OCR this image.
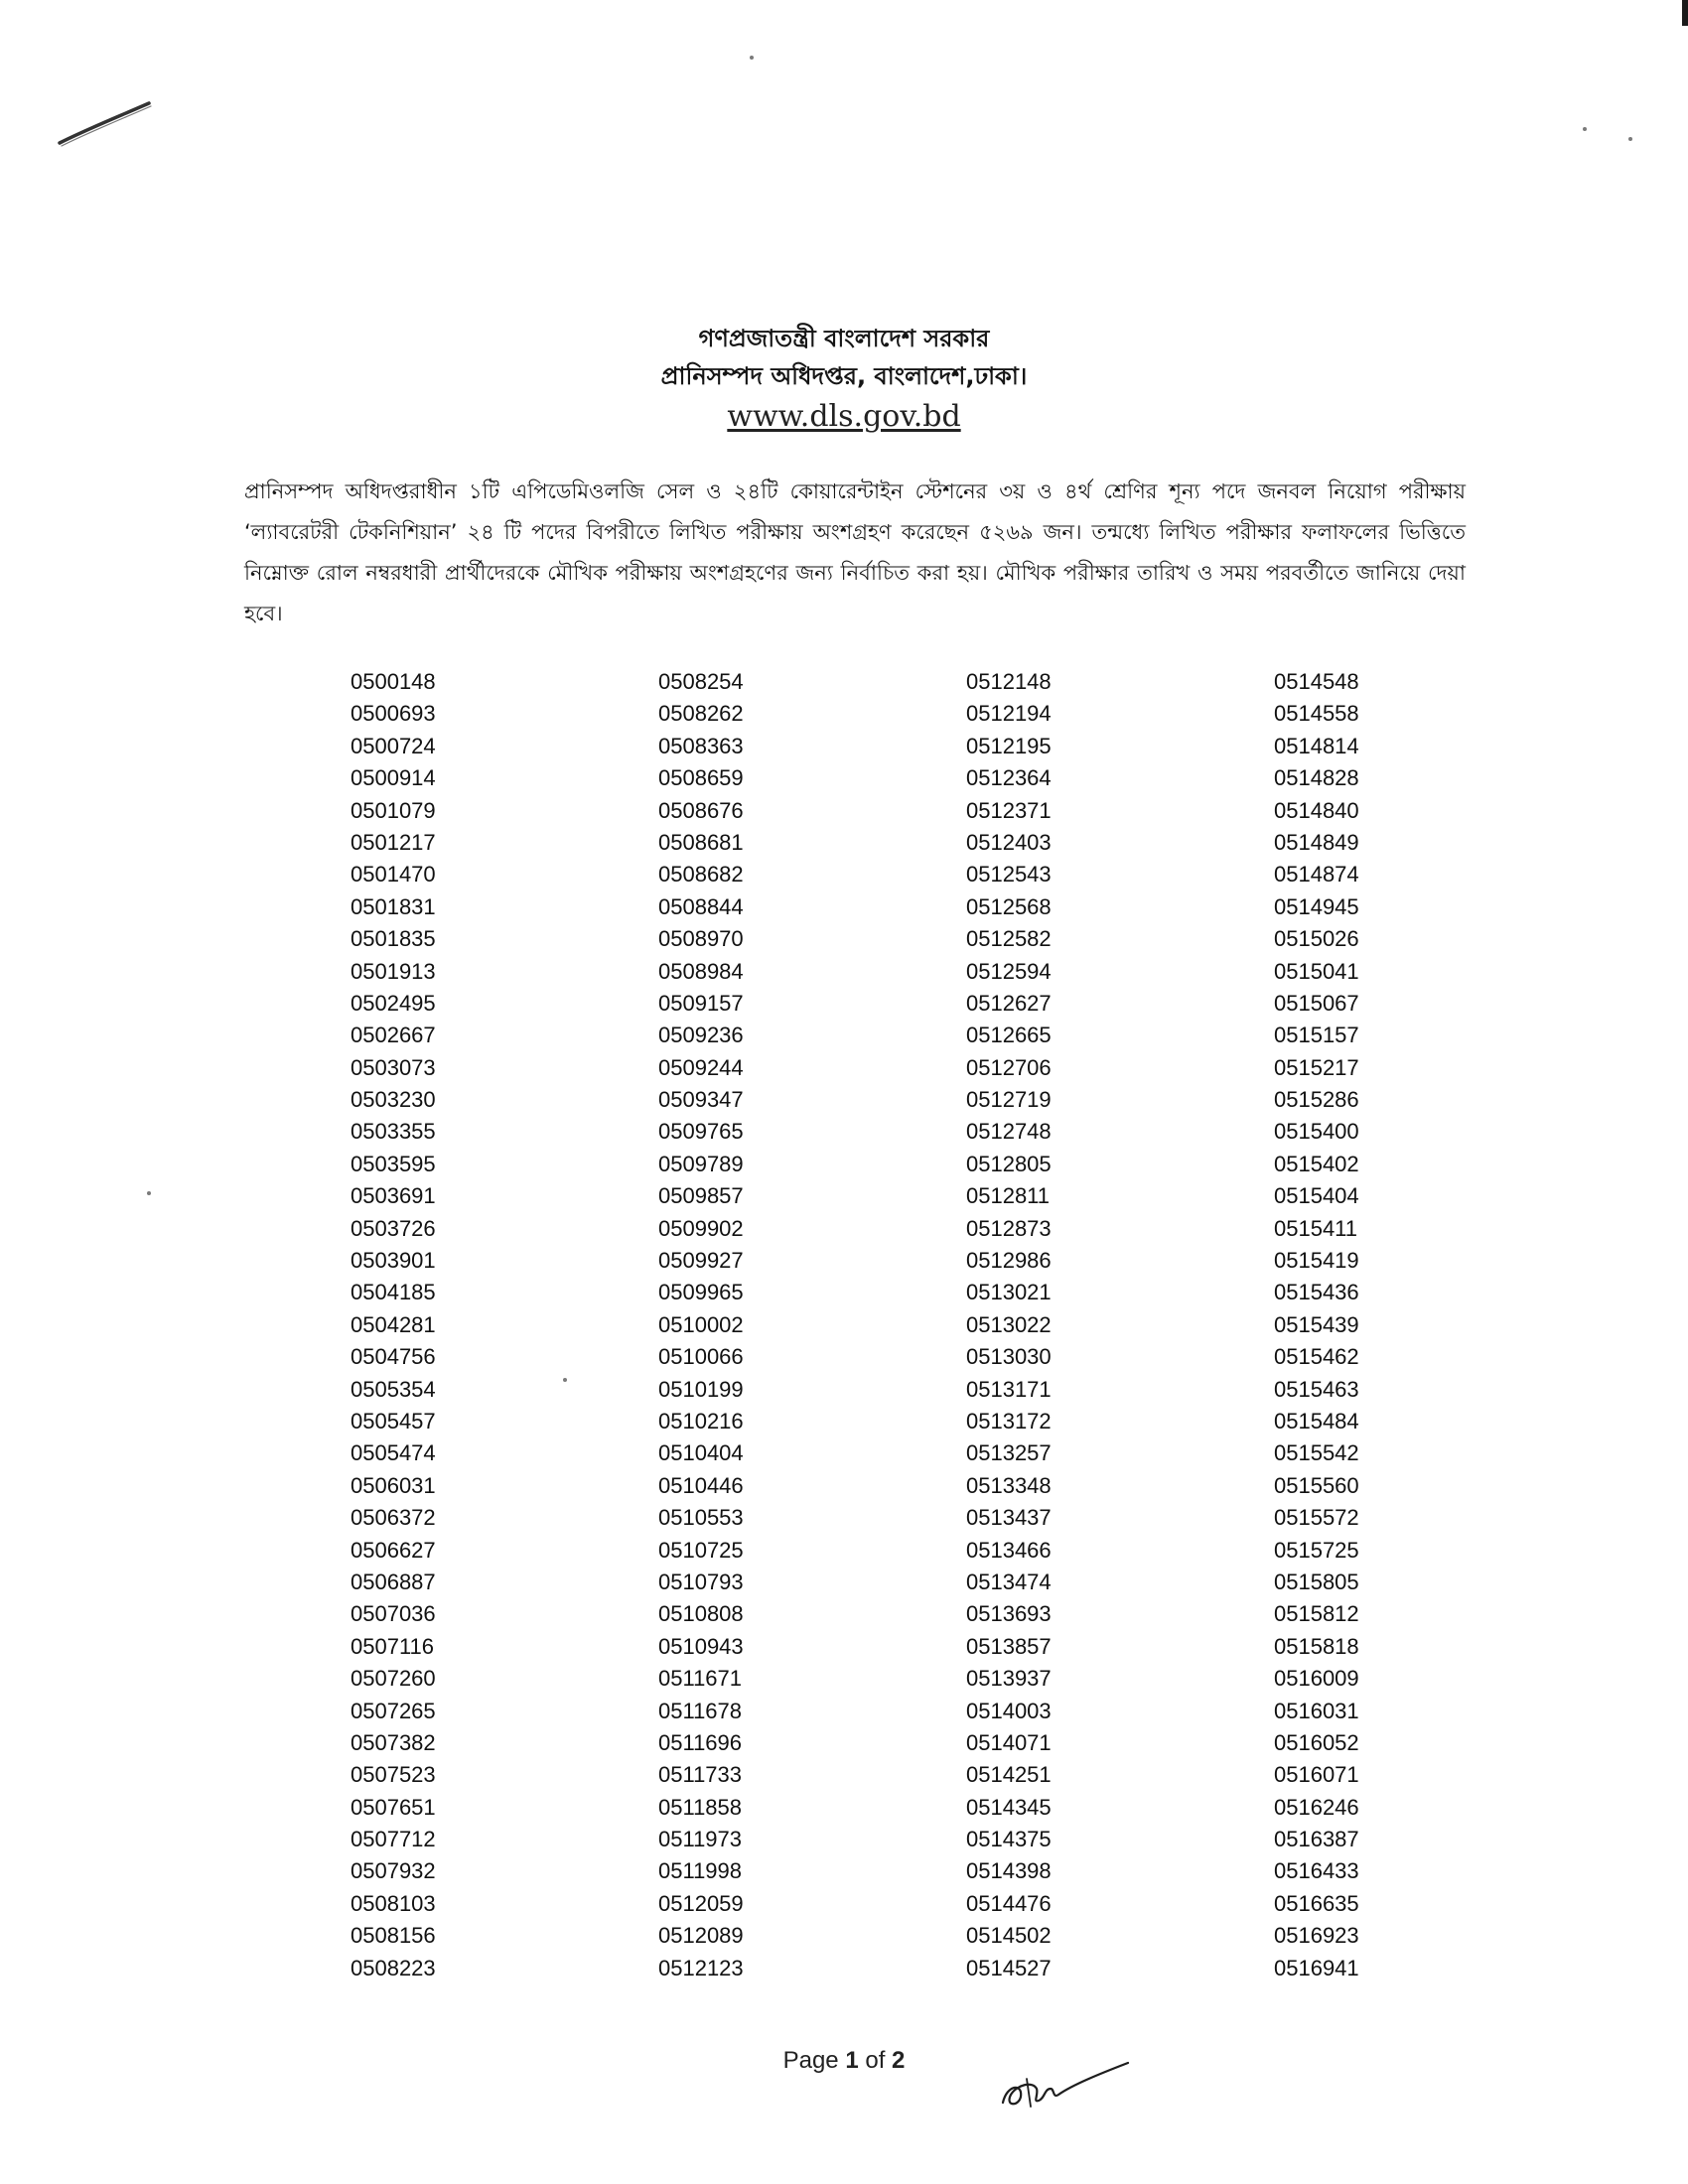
গণপ্রজাতন্ত্রী বাংলাদেশ সরকার
প্রানিসম্পদ অধিদপ্তর, বাংলাদেশ,ঢাকা।
www.dls.gov.bd
প্রানিসম্পদ অধিদপ্তরাধীন ১টি এপিডেমিওলজি সেল ও ২৪টি কোয়ারেন্টাইন স্টেশনের ৩য় ও ৪র্থ শ্রেণির শূন্য পদে জনবল নিয়োগ পরীক্ষায় ‘ল্যাবরেটরী টেকনিশিয়ান’ ২৪ টি পদের বিপরীতে লিখিত পরীক্ষায় অংশগ্রহণ করেছেন ৫২৬৯ জন। তন্মধ্যে লিখিত পরীক্ষার ফলাফলের ভিত্তিতে নিম্নোক্ত রোল নম্বরধারী প্রার্থীদেরকে মৌখিক পরীক্ষায় অংশগ্রহণের জন্য নির্বাচিত করা হয়। মৌখিক পরীক্ষার তারিখ ও সময় পরবর্তীতে জানিয়ে দেয়া হবে।
0500148
0500693
0500724
0500914
0501079
0501217
0501470
0501831
0501835
0501913
0502495
0502667
0503073
0503230
0503355
0503595
0503691
0503726
0503901
0504185
0504281
0504756
0505354
0505457
0505474
0506031
0506372
0506627
0506887
0507036
0507116
0507260
0507265
0507382
0507523
0507651
0507712
0507932
0508103
0508156
0508223
0508254
0508262
0508363
0508659
0508676
0508681
0508682
0508844
0508970
0508984
0509157
0509236
0509244
0509347
0509765
0509789
0509857
0509902
0509927
0509965
0510002
0510066
0510199
0510216
0510404
0510446
0510553
0510725
0510793
0510808
0510943
0511671
0511678
0511696
0511733
0511858
0511973
0511998
0512059
0512089
0512123
0512148
0512194
0512195
0512364
0512371
0512403
0512543
0512568
0512582
0512594
0512627
0512665
0512706
0512719
0512748
0512805
0512811
0512873
0512986
0513021
0513022
0513030
0513171
0513172
0513257
0513348
0513437
0513466
0513474
0513693
0513857
0513937
0514003
0514071
0514251
0514345
0514375
0514398
0514476
0514502
0514527
0514548
0514558
0514814
0514828
0514840
0514849
0514874
0514945
0515026
0515041
0515067
0515157
0515217
0515286
0515400
0515402
0515404
0515411
0515419
0515436
0515439
0515462
0515463
0515484
0515542
0515560
0515572
0515725
0515805
0515812
0515818
0516009
0516031
0516052
0516071
0516246
0516387
0516433
0516635
0516923
0516941
Page 1 of 2
